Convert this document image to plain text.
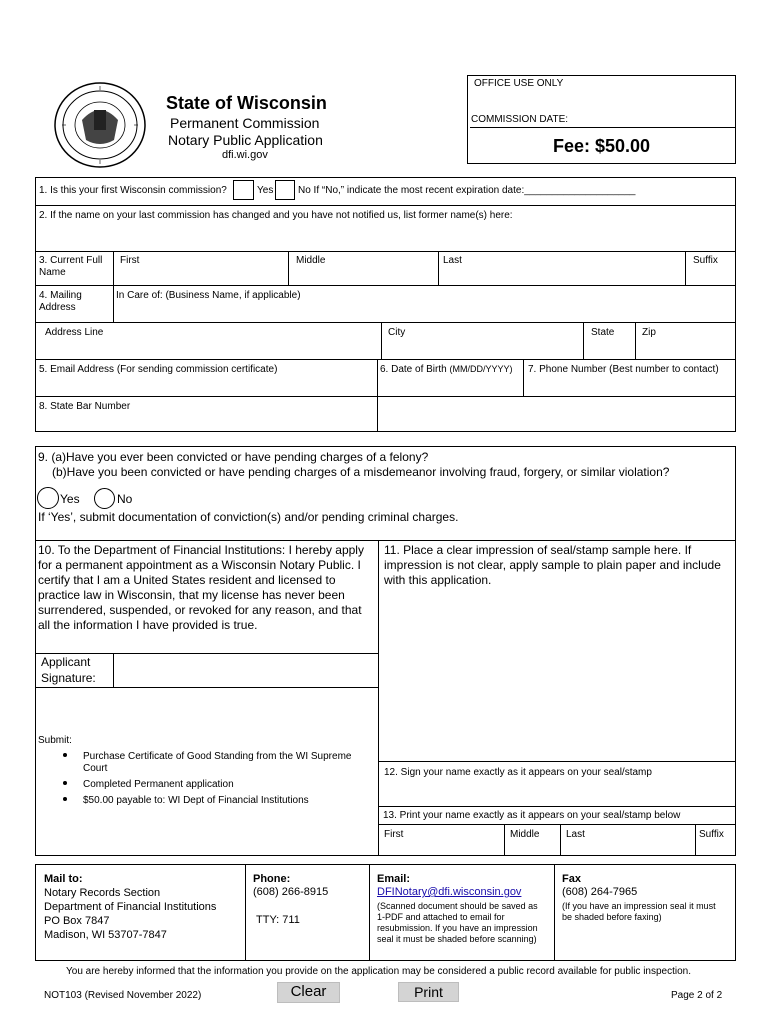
State of Wisconsin
Permanent Commission
Notary Public Application
dfi.wi.gov
OFFICE USE ONLY
COMMISSION DATE:
Fee: $50.00
1. Is this your first Wisconsin commission?	Yes No If “No,” indicate the most recent expiration date:____________________
2. If the name on your last commission has changed and you have not notified us, list former name(s) here:
3. Current Full Name
First	Middle	Last	Suffix
4. Mailing Address
In Care of: (Business Name, if applicable)
Address Line	City	State	Zip
5. Email Address (For sending commission certificate)	6. Date of Birth (MM/DD/YYYY) 7. Phone Number (Best number to contact)
8. State Bar Number
9. (a)Have you ever been convicted or have pending charges of a felony?
(b)Have you been convicted or have pending charges of a misdemeanor involving fraud, forgery, or similar violation?
Yes	No
If ‘Yes’, submit documentation of conviction(s) and/or pending criminal charges.
10. To the Department of Financial Institutions: I hereby apply for a permanent appointment as a Wisconsin Notary Public. I certify that I am a United States resident and licensed to practice law in Wisconsin, that my license has never been surrendered, suspended, or revoked for any reason, and that all the information I have provided is true.
Applicant
Signature:
11. Place a clear impression of seal/stamp sample here. If impression is not clear, apply sample to plain paper and include with this application.
Submit:
Purchase Certificate of Good Standing from the WI Supreme Court
Completed Permanent application
$50.00 payable to: WI Dept of Financial Institutions
12. Sign your name exactly as it appears on your seal/stamp
13. Print your name exactly as it appears on your seal/stamp below
First	Middle	Last	Suffix
Mail to:
Notary Records Section
Department of Financial Institutions
PO Box 7847
Madison, WI 53707-7847
Phone:
(608) 266-8915
TTY: 711
Email:
DFINotary@dfi.wisconsin.gov
(Scanned document should be saved as 1-PDF and attached to email for resubmission. If you have an impression seal it must be shaded before scanning)
Fax
(608) 264-7965
(If you have an impression seal it must be shaded before faxing)
You are hereby informed that the information you provide on the application may be considered a public record available for public inspection.
NOT103 (Revised November 2022)	Clear	Print	Page 2 of 2
